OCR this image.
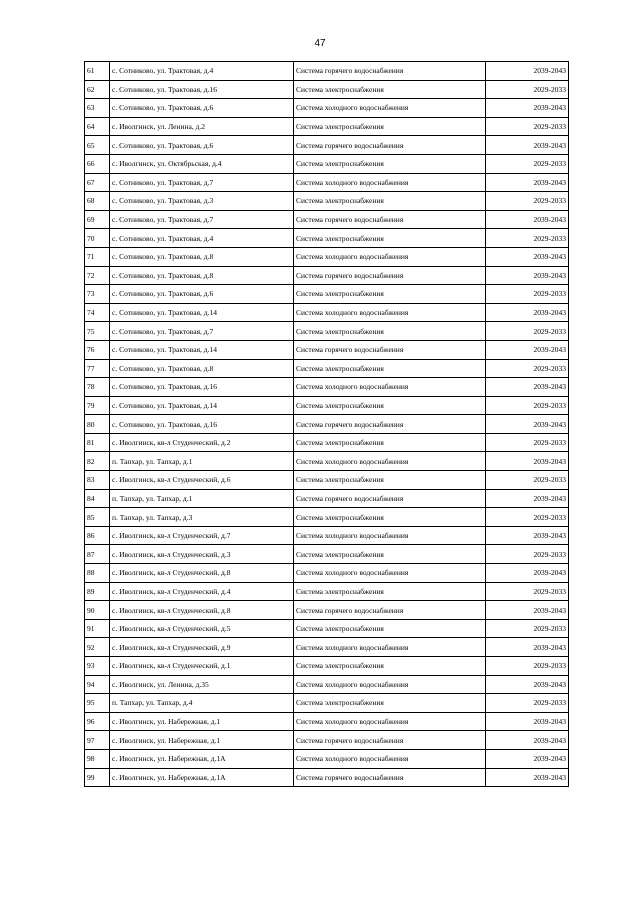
47
61	с. Сотниково, ул. Трактовая, д.4	Система горячего водоснабжения	2039-2043
62	с. Сотниково, ул. Трактовая, д.16	Система электроснабжения	2029-2033
63	с. Сотниково, ул. Трактовая, д.6	Система холодного водоснабжения	2039-2043
64	с. Иволгинск, ул. Ленина, д.2	Система электроснабжения	2029-2033
65	с. Сотниково, ул. Трактовая, д.6	Система горячего водоснабжения	2039-2043
66	с. Иволгинск, ул. Октябрьская, д.4	Система электроснабжения	2029-2033
67	с. Сотниково, ул. Трактовая, д.7	Система холодного водоснабжения	2039-2043
68	с. Сотниково, ул. Трактовая, д.3	Система электроснабжения	2029-2033
69	с. Сотниково, ул. Трактовая, д.7	Система горячего водоснабжения	2039-2043
70	с. Сотниково, ул. Трактовая, д.4	Система электроснабжения	2029-2033
71	с. Сотниково, ул. Трактовая, д.8	Система холодного водоснабжения	2039-2043
72	с. Сотниково, ул. Трактовая, д.8	Система горячего водоснабжения	2039-2043
73	с. Сотниково, ул. Трактовая, д.6	Система электроснабжения	2029-2033
74	с. Сотниково, ул. Трактовая, д.14	Система холодного водоснабжения	2039-2043
75	с. Сотниково, ул. Трактовая, д.7	Система электроснабжения	2029-2033
76	с. Сотниково, ул. Трактовая, д.14	Система горячего водоснабжения	2039-2043
77	с. Сотниково, ул. Трактовая, д.8	Система электроснабжения	2029-2033
78	с. Сотниково, ул. Трактовая, д.16	Система холодного водоснабжения	2039-2043
79	с. Сотниково, ул. Трактовая, д.14	Система электроснабжения	2029-2033
80	с. Сотниково, ул. Трактовая, д.16	Система горячего водоснабжения	2039-2043
81	с. Иволгинск, кв-л Студенческий, д.2	Система электроснабжения	2029-2033
82	п. Тапхар, ул. Тапхар, д.1	Система холодного водоснабжения	2039-2043
83	с. Иволгинск, кв-л Студенческий, д.6	Система электроснабжения	2029-2033
84	п. Тапхар, ул. Тапхар, д.1	Система горячего водоснабжения	2039-2043
85	п. Тапхар, ул. Тапхар, д.3	Система электроснабжения	2029-2033
86	с. Иволгинск, кв-л Студенческий, д.7	Система холодного водоснабжения	2039-2043
87	с. Иволгинск, кв-л Студенческий, д.3	Система электроснабжения	2029-2033
88	с. Иволгинск, кв-л Студенческий, д.8	Система холодного водоснабжения	2039-2043
89	с. Иволгинск, кв-л Студенческий, д.4	Система электроснабжения	2029-2033
90	с. Иволгинск, кв-л Студенческий, д.8	Система горячего водоснабжения	2039-2043
91	с. Иволгинск, кв-л Студенческий, д.5	Система электроснабжения	2029-2033
92	с. Иволгинск, кв-л Студенческий, д.9	Система холодного водоснабжения	2039-2043
93	с. Иволгинск, кв-л Студенческий, д.1	Система электроснабжения	2029-2033
94	с. Иволгинск, ул. Ленина, д.35	Система холодного водоснабжения	2039-2043
95	п. Тапхар, ул. Тапхар, д.4	Система электроснабжения	2029-2033
96	с. Иволгинск, ул. Набережная, д.1	Система холодного водоснабжения	2039-2043
97	с. Иволгинск, ул. Набережная, д.1	Система горячего водоснабжения	2039-2043
98	с. Иволгинск, ул. Набережная, д.1А	Система холодного водоснабжения	2039-2043
99	с. Иволгинск, ул. Набережная, д.1А	Система горячего водоснабжения	2039-2043
